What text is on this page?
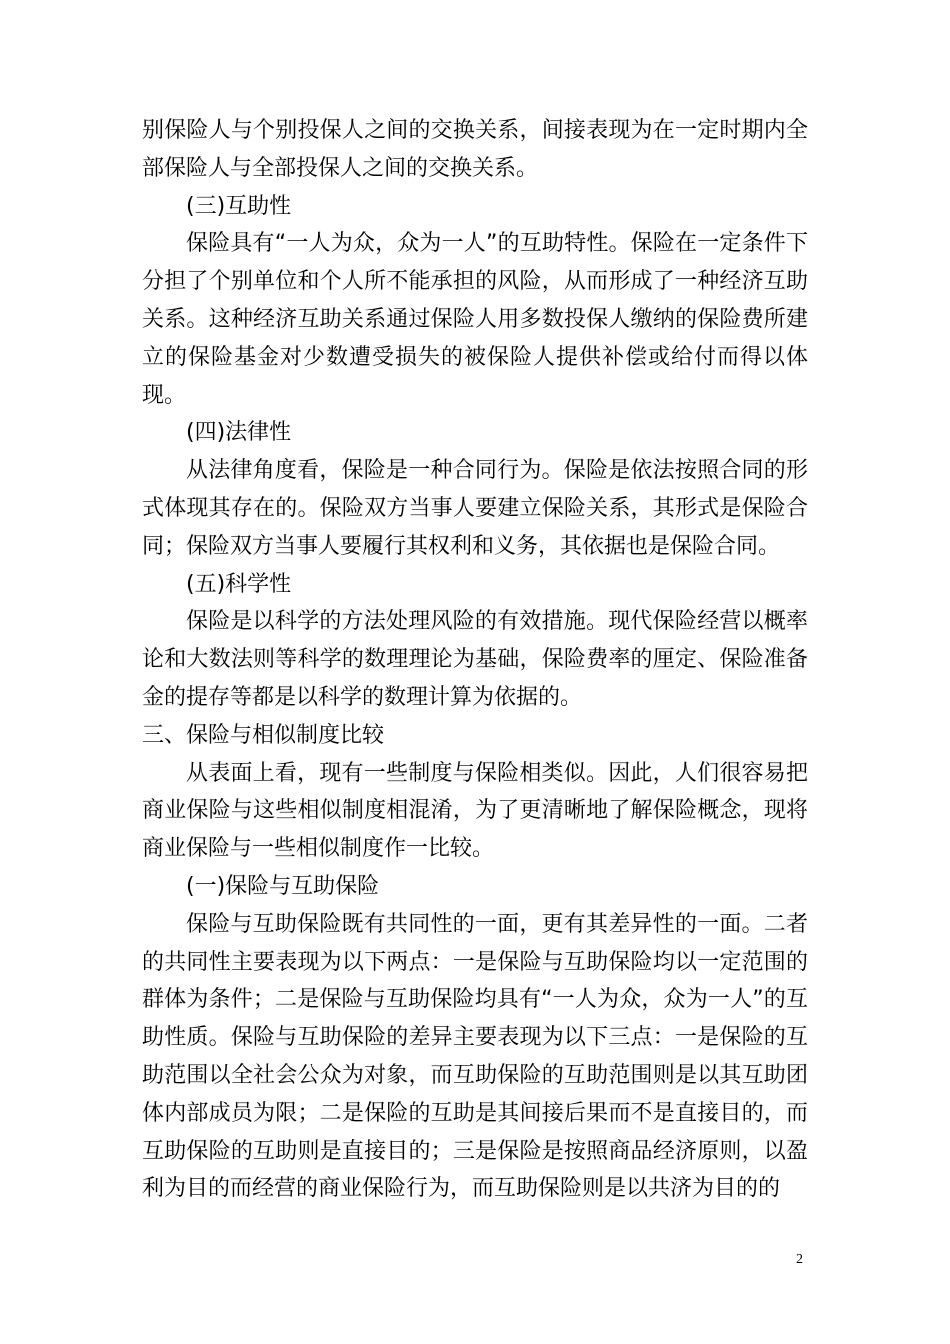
别保险人与个别投保人之间的交换关系，间接表现为在一定时期内全部保险人与全部投保人之间的交换关系。

(三)互助性

保险具有“一人为众，众为一人”的互助特性。保险在一定条件下分担了个别单位和个人所不能承担的风险，从而形成了一种经济互助关系。这种经济互助关系通过保险人用多数投保人缴纳的保险费所建立的保险基金对少数遭受损失的被保险人提供补偿或给付而得以体现。

(四)法律性

从法律角度看，保险是一种合同行为。保险是依法按照合同的形式体现其存在的。保险双方当事人要建立保险关系，其形式是保险合同；保险双方当事人要履行其权利和义务，其依据也是保险合同。

(五)科学性

保险是以科学的方法处理风险的有效措施。现代保险经营以概率论和大数法则等科学的数理理论为基础，保险费率的厘定、保险准备金的提存等都是以科学的数理计算为依据的。

三、保险与相似制度比较

从表面上看，现有一些制度与保险相类似。因此，人们很容易把商业保险与这些相似制度相混淆，为了更清晰地了解保险概念，现将商业保险与一些相似制度作一比较。

(一)保险与互助保险

保险与互助保险既有共同性的一面，更有其差异性的一面。二者的共同性主要表现为以下两点：一是保险与互助保险均以一定范围的群体为条件；二是保险与互助保险均具有“一人为众，众为一人”的互助性质。保险与互助保险的差异主要表现为以下三点：一是保险的互助范围以全社会公众为对象，而互助保险的互助范围则是以其互助团体内部成员为限；二是保险的互助是其间接后果而不是直接目的，而互助保险的互助则是直接目的；三是保险是按照商品经济原则，以盈利为目的而经营的商业保险行为，而互助保险则是以共济为目的的

2
